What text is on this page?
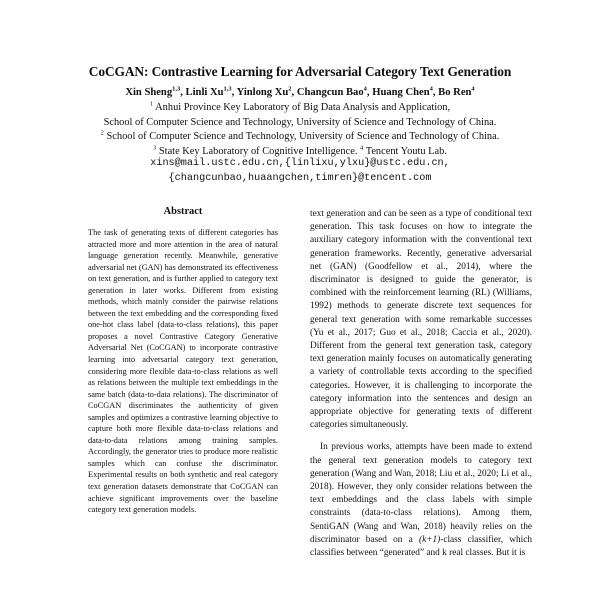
CoCGAN: Contrastive Learning for Adversarial Category Text Generation
Xin Sheng$^{1,3}$, Linli Xu$^{1,3}$, Yinlong Xu$^2$, Changcun Bao$^4$, Huang Chen$^4$, Bo Ren$^4$
$^1$ Anhui Province Key Laboratory of Big Data Analysis and Application,
School of Computer Science and Technology, University of Science and Technology of China.
$^2$ School of Computer Science and Technology, University of Science and Technology of China.
$^3$ State Key Laboratory of Cognitive Intelligence. $^4$ Tencent Youtu Lab.
xins@mail.ustc.edu.cn,{linlixu,ylxu}@ustc.edu.cn,
{changcunbao,huaangchen,timren}@tencent.com
Abstract
The task of generating texts of different categories has attracted more and more attention in the area of natural language generation recently. Meanwhile, generative adversarial net (GAN) has demonstrated its effectiveness on text generation, and is further applied to category text generation in later works. Different from existing methods, which mainly consider the pairwise relations between the text embedding and the corresponding fixed one-hot class label (data-to-class relations), this paper proposes a novel Contrastive Category Generative Adversarial Net (CoCGAN) to incorporate contrastive learning into adversarial category text generation, considering more flexible data-to-class relations as well as relations between the multiple text embeddings in the same batch (data-to-data relations). The discriminator of CoCGAN discriminates the authenticity of given samples and optimizes a contrastive learning objective to capture both more flexible data-to-class relations and data-to-data relations among training samples. Accordingly, the generator tries to produce more realistic samples which can confuse the discriminator. Experimental results on both synthetic and real category text generation datasets demonstrate that CoCGAN can achieve significant improvements over the baseline category text generation models.

text generation and can be seen as a type of conditional text generation. This task focuses on how to integrate the auxiliary category information with the conventional text generation frameworks. Recently, generative adversarial net (GAN) (Goodfellow et al., 2014), where the discriminator is designed to guide the generator, is combined with the reinforcement learning (RL) (Williams, 1992) methods to generate discrete text sequences for general text generation with some remarkable successes (Yu et al., 2017; Guo et al., 2018; Caccia et al., 2020). Different from the general text generation task, category text generation mainly focuses on automatically generating a variety of controllable texts according to the specified categories. However, it is challenging to incorporate the category information into the sentences and design an appropriate objective for generating texts of different categories simultaneously.

In previous works, attempts have been made to extend the general text generation models to category text generation (Wang and Wan, 2018; Liu et al., 2020; Li et al., 2018). However, they only consider relations between the text embeddings and the class labels with simple constraints (data-to-class relations). Among them, SentiGAN (Wang and Wan, 2018) heavily relies on the discriminator based on a (k+1)-class classifier, which classifies between “generated” and k real classes. But it is
